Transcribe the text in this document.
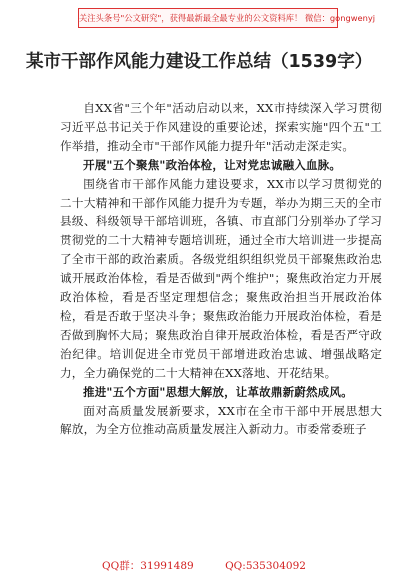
关注头条号"公文研究"，获得最新最全最专业的公文资料库！ 微信：gongwenyj
某市干部作风能力建设工作总结（1539字）

自XX省"三个年"活动启动以来，XX市持续深入学习贯彻习近平总书记关于作风建设的重要论述，探索实施"四个五"工作举措，推动全市"干部作风能力提升年"活动走深走实。

开展"五个聚焦"政治体检，让对党忠诚融入血脉。

围绕省市干部作风能力建设要求，XX市以学习贯彻党的二十大精神和干部作风能力提升为专题，举办为期三天的全市县级、科级领导干部培训班，各镇、市直部门分别举办了学习贯彻党的二十大精神专题培训班，通过全市大培训进一步提高了全市干部的政治素质。各级党组织组织党员干部聚焦政治忠诚开展政治体检，看是否做到"两个维护"；聚焦政治定力开展政治体检，看是否坚定理想信念；聚焦政治担当开展政治体检，看是否敢于坚决斗争；聚焦政治能力开展政治体检，看是否做到胸怀大局；聚焦政治自律开展政治体检，看是否严守政治纪律。培训促进全市党员干部增进政治忠诚、增强战略定力，全力确保党的二十大精神在XX落地、开花结果。

推进"五个方面"思想大解放，让革故鼎新蔚然成风。

面对高质量发展新要求，XX市在全市干部中开展思想大解放，为全方位推动高质量发展注入新动力。市委常委班子

QQ群：31991489	QQ:535304092
